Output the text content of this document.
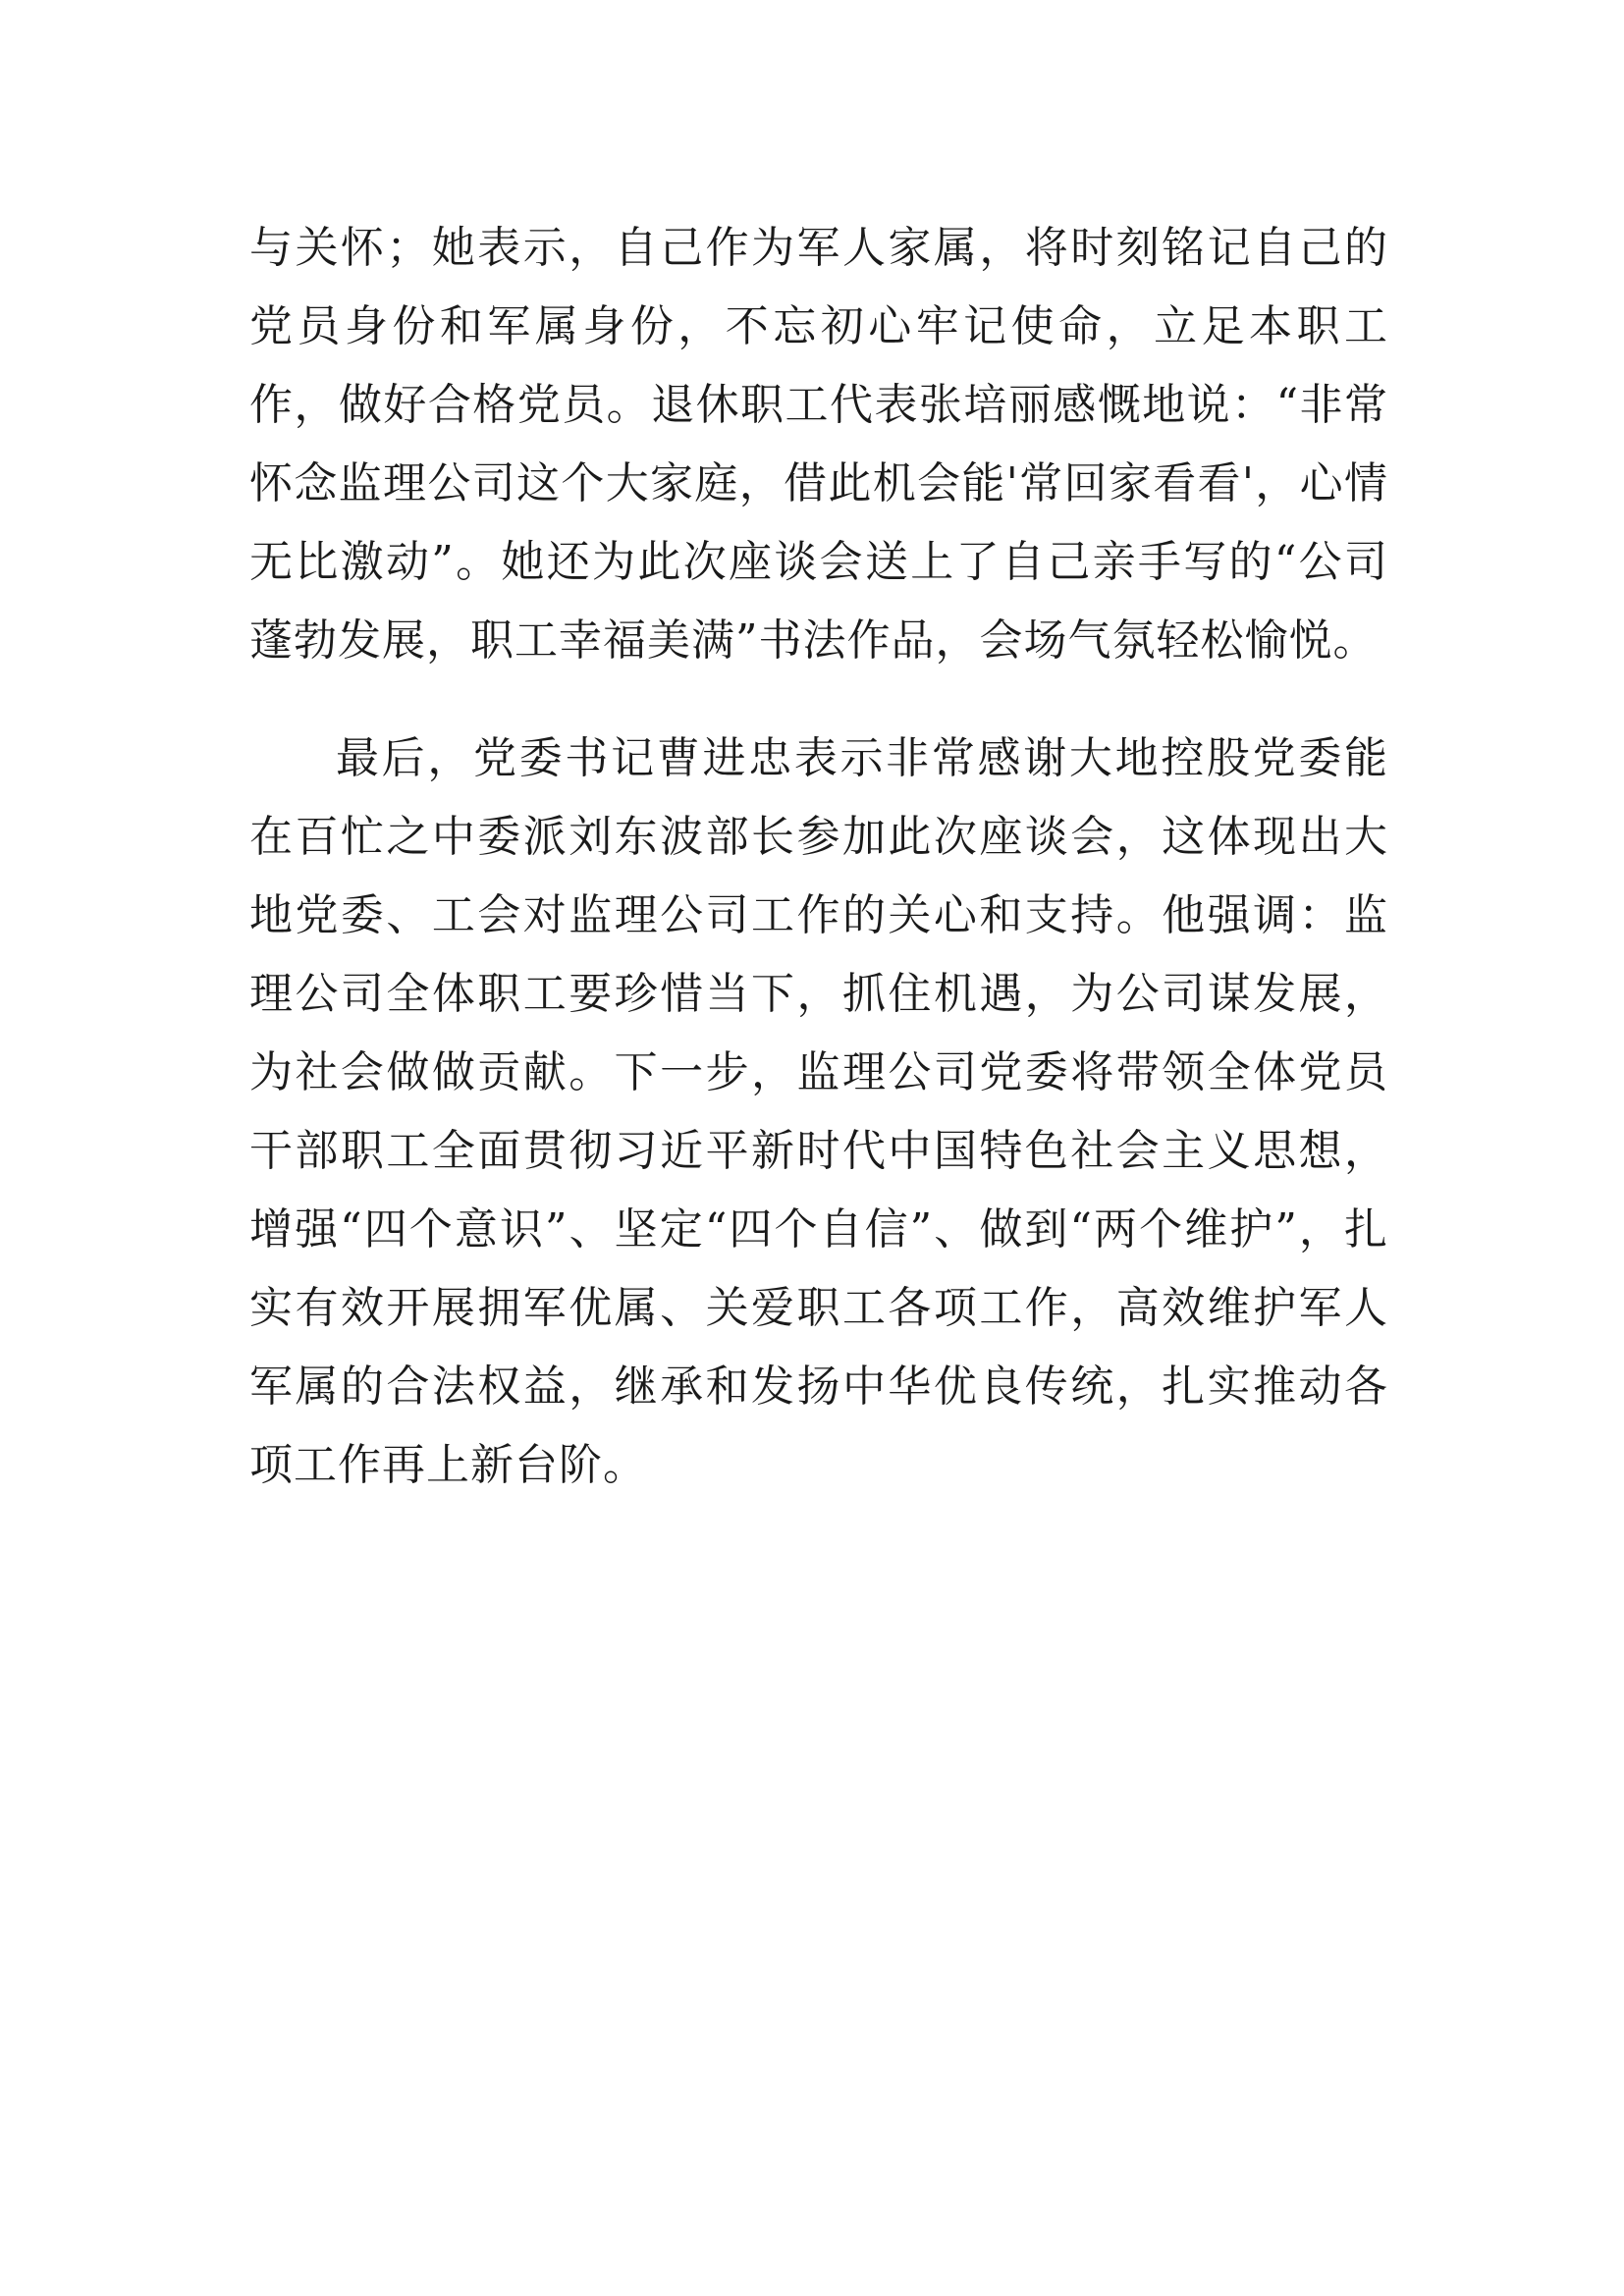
与关怀；她表示，自己作为军人家属，将时刻铭记自己的党员身份和军属身份，不忘初心牢记使命，立足本职工作，做好合格党员。退休职工代表张培丽感慨地说：“非常怀念监理公司这个大家庭，借此机会能'常回家看看'，心情无比激动”。她还为此次座谈会送上了自己亲手写的“公司蓬勃发展，职工幸福美满”书法作品，会场气氛轻松愉悦。

最后，党委书记曹进忠表示非常感谢大地控股党委能在百忙之中委派刘东波部长参加此次座谈会，这体现出大地党委、工会对监理公司工作的关心和支持。他强调：监理公司全体职工要珍惜当下，抓住机遇，为公司谋发展，为社会做做贡献。下一步，监理公司党委将带领全体党员干部职工全面贯彻习近平新时代中国特色社会主义思想，增强“四个意识”、坚定“四个自信”、做到“两个维护”，扎实有效开展拥军优属、关爱职工各项工作，高效维护军人军属的合法权益，继承和发扬中华优良传统，扎实推动各项工作再上新台阶。
